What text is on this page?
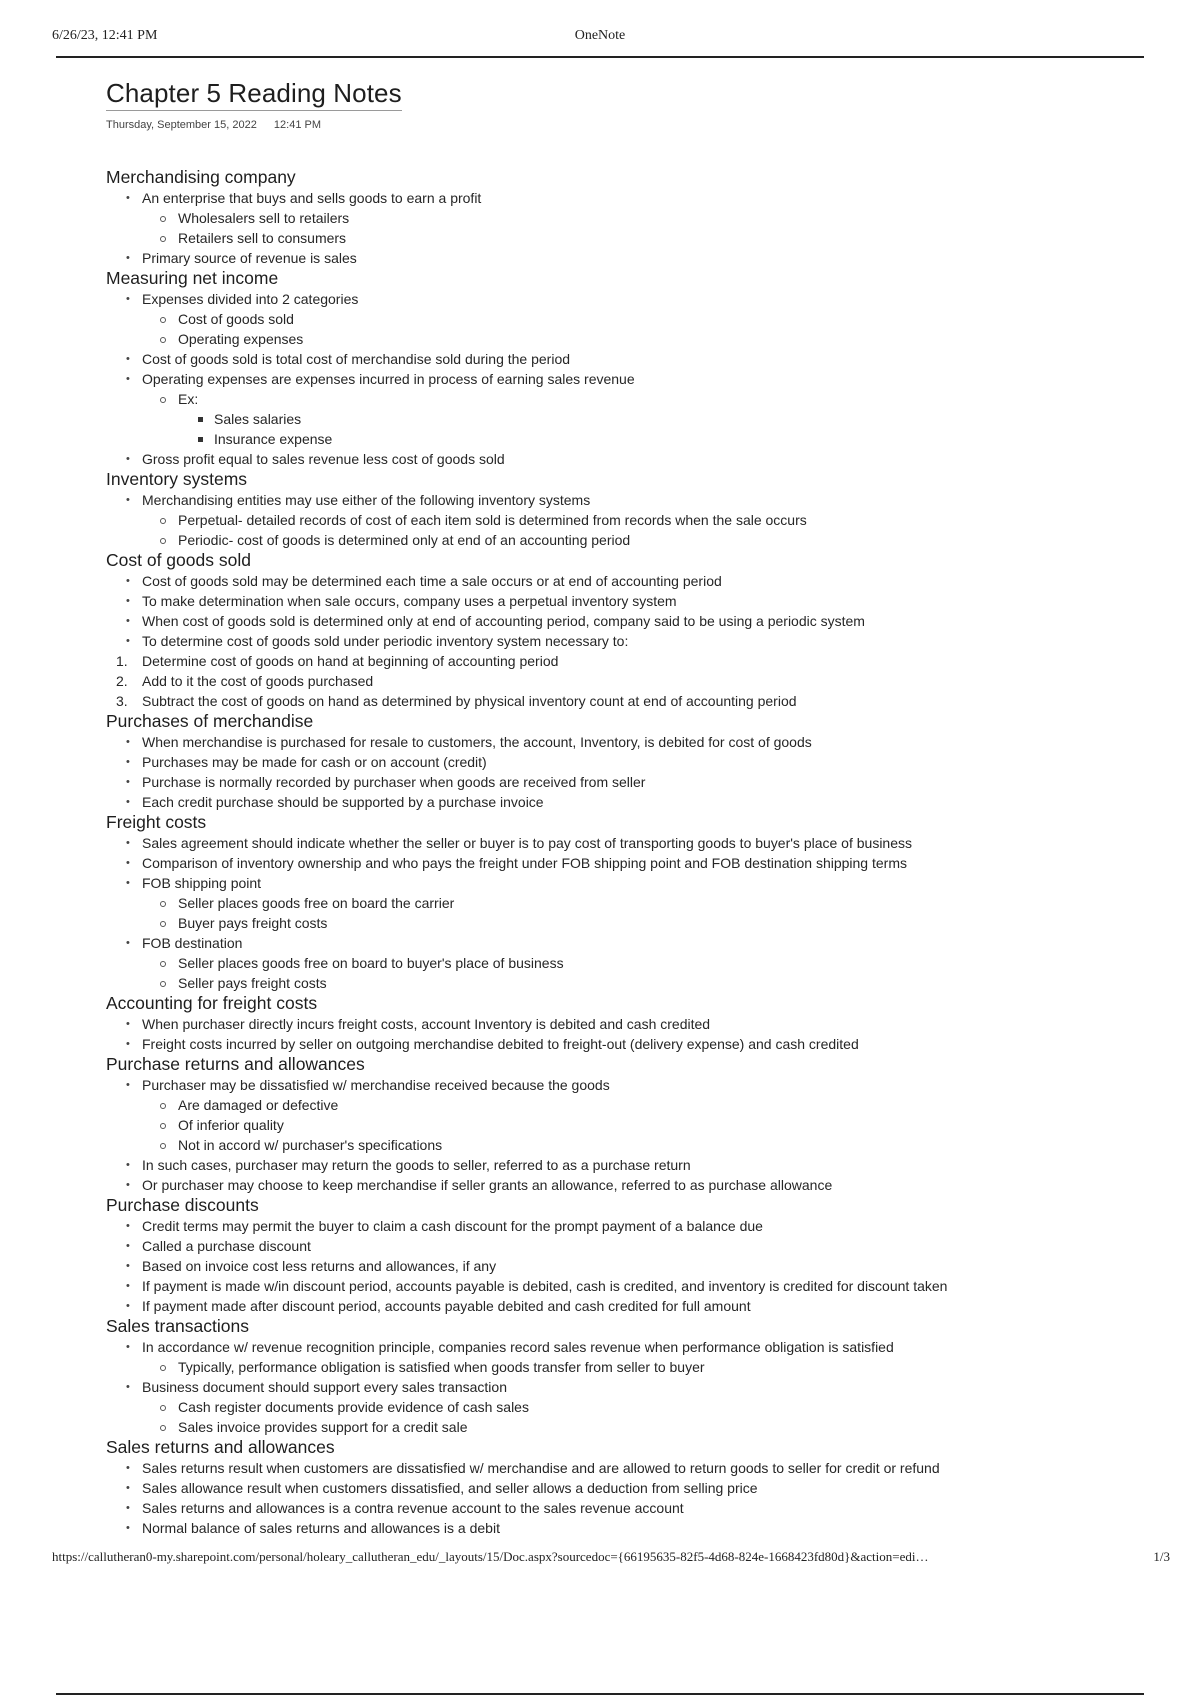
6/26/23, 12:41 PM	OneNote
Chapter 5 Reading Notes
Thursday, September 15, 2022 12:41 PM
Merchandising company
• An enterprise that buys and sells goods to earn a profit
Wholesalers sell to retailers
Retailers sell to consumers
• Primary source of revenue is sales
Measuring net income
• Expenses divided into 2 categories
Cost of goods sold
Operating expenses
• Cost of goods sold is total cost of merchandise sold during the period
• Operating expenses are expenses incurred in process of earning sales revenue
Ex:
Sales salaries
Insurance expense
• Gross profit equal to sales revenue less cost of goods sold
Inventory systems
• Merchandising entities may use either of the following inventory systems
Perpetual- detailed records of cost of each item sold is determined from records when the sale occurs
Periodic- cost of goods is determined only at end of an accounting period
Cost of goods sold
• Cost of goods sold may be determined each time a sale occurs or at end of accounting period
• To make determination when sale occurs, company uses a perpetual inventory system
• When cost of goods sold is determined only at end of accounting period, company said to be using a periodic system
• To determine cost of goods sold under periodic inventory system necessary to:
1.	Determine cost of goods on hand at beginning of accounting period
2.	Add to it the cost of goods purchased
3.	Subtract the cost of goods on hand as determined by physical inventory count at end of accounting period
Purchases of merchandise
• When merchandise is purchased for resale to customers, the account, Inventory, is debited for cost of goods
• Purchases may be made for cash or on account (credit)
• Purchase is normally recorded by purchaser when goods are received from seller
• Each credit purchase should be supported by a purchase invoice
Freight costs
• Sales agreement should indicate whether the seller or buyer is to pay cost of transporting goods to buyer's place of business
• Comparison of inventory ownership and who pays the freight under FOB shipping point and FOB destination shipping terms
• FOB shipping point
Seller places goods free on board the carrier
Buyer pays freight costs
• FOB destination
Seller places goods free on board to buyer's place of business
Seller pays freight costs
Accounting for freight costs
• When purchaser directly incurs freight costs, account Inventory is debited and cash credited
• Freight costs incurred by seller on outgoing merchandise debited to freight-out (delivery expense) and cash credited
Purchase returns and allowances
• Purchaser may be dissatisfied w/ merchandise received because the goods
Are damaged or defective
Of inferior quality
Not in accord w/ purchaser's specifications
• In such cases, purchaser may return the goods to seller, referred to as a purchase return
• Or purchaser may choose to keep merchandise if seller grants an allowance, referred to as purchase allowance
Purchase discounts
• Credit terms may permit the buyer to claim a cash discount for the prompt payment of a balance due
• Called a purchase discount
• Based on invoice cost less returns and allowances, if any
• If payment is made w/in discount period, accounts payable is debited, cash is credited, and inventory is credited for discount taken
• If payment made after discount period, accounts payable debited and cash credited for full amount
Sales transactions
• In accordance w/ revenue recognition principle, companies record sales revenue when performance obligation is satisfied
Typically, performance obligation is satisfied when goods transfer from seller to buyer
• Business document should support every sales transaction
Cash register documents provide evidence of cash sales
Sales invoice provides support for a credit sale
Sales returns and allowances
• Sales returns result when customers are dissatisfied w/ merchandise and are allowed to return goods to seller for credit or refund
• Sales allowance result when customers dissatisfied, and seller allows a deduction from selling price
• Sales returns and allowances is a contra revenue account to the sales revenue account
• Normal balance of sales returns and allowances is a debit
https://callutheran0-my.sharepoint.com/personal/holeary_callutheran_edu/_layouts/15/Doc.aspx?sourcedoc={66195635-82f5-4d68-824e-1668423fd80d}&action=edi…	1/3
